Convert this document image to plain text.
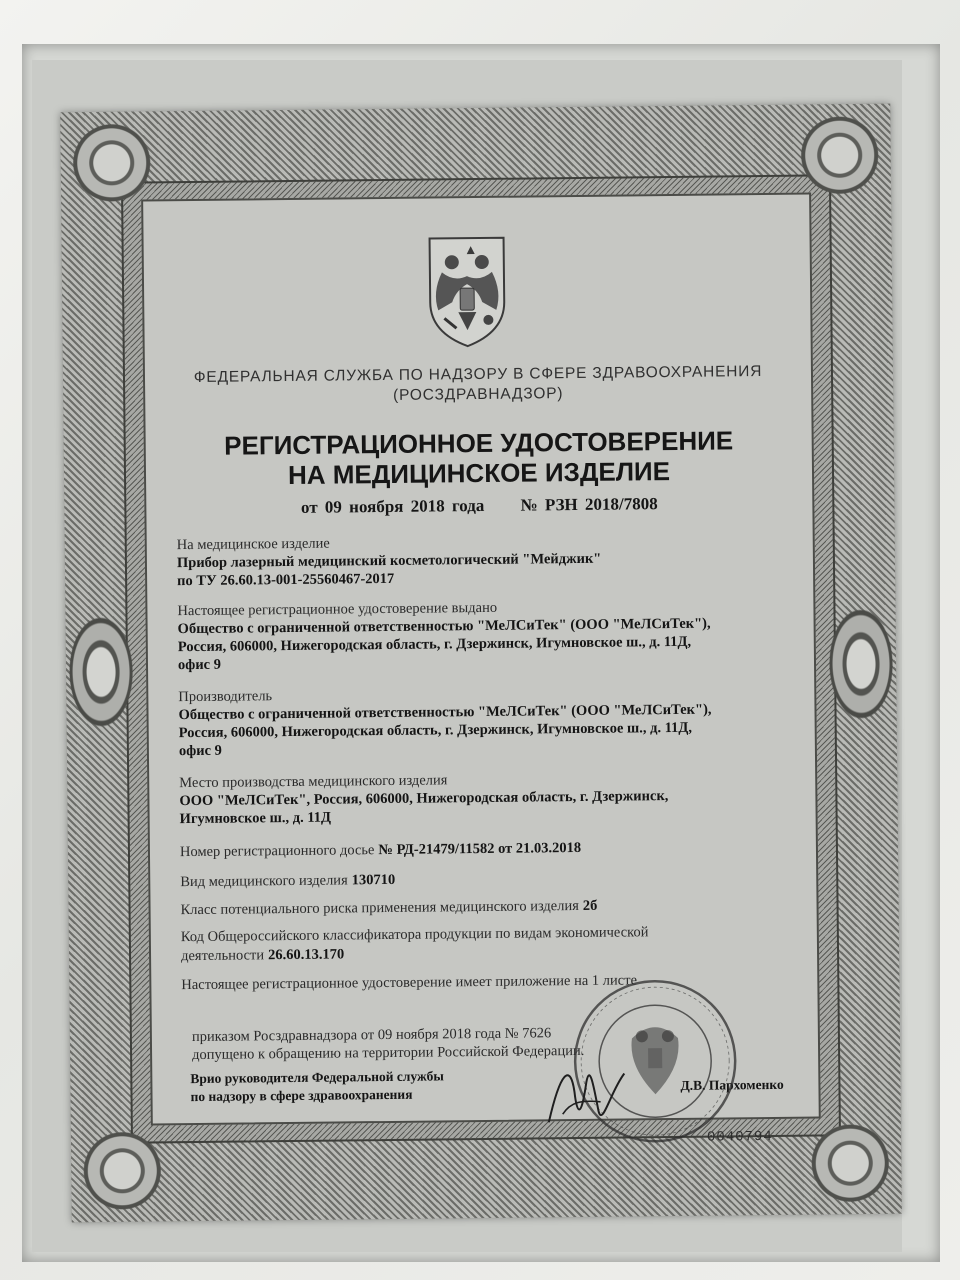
ФЕДЕРАЛЬНАЯ СЛУЖБА ПО НАДЗОРУ В СФЕРЕ ЗДРАВООХРАНЕНИЯ
(РОСЗДРАВНАДЗОР)
РЕГИСТРАЦИОННОЕ УДОСТОВЕРЕНИЕ
НА МЕДИЦИНСКОЕ ИЗДЕЛИЕ
от 09 ноября 2018 года № РЗН 2018/7808
На медицинское изделие
Прибор лазерный медицинский косметологический "Мейджик"
по ТУ 26.60.13-001-25560467-2017
Настоящее регистрационное удостоверение выдано
Общество с ограниченной ответственностью "МеЛСиТек" (ООО "МеЛСиТек"),
Россия, 606000, Нижегородская область, г. Дзержинск, Игумновское ш., д. 11Д,
офис 9
Производитель
Общество с ограниченной ответственностью "МеЛСиТек" (ООО "МеЛСиТек"),
Россия, 606000, Нижегородская область, г. Дзержинск, Игумновское ш., д. 11Д,
офис 9
Место производства медицинского изделия
ООО "МеЛСиТек", Россия, 606000, Нижегородская область, г. Дзержинск,
Игумновское ш., д. 11Д
Номер регистрационного досье № РД-21479/11582 от 21.03.2018
Вид медицинского изделия 130710
Класс потенциального риска применения медицинского изделия 2б
Код Общероссийского классификатора продукции по видам экономической
деятельности 26.60.13.170
Настоящее регистрационное удостоверение имеет приложение на 1 листе
приказом Росздравнадзора от 09 ноября 2018 года № 7626
допущено к обращению на территории Российской Федерации.
Врио руководителя Федеральной службы
по надзору в сфере здравоохранения
Д.В. Пархоменко
0040794
